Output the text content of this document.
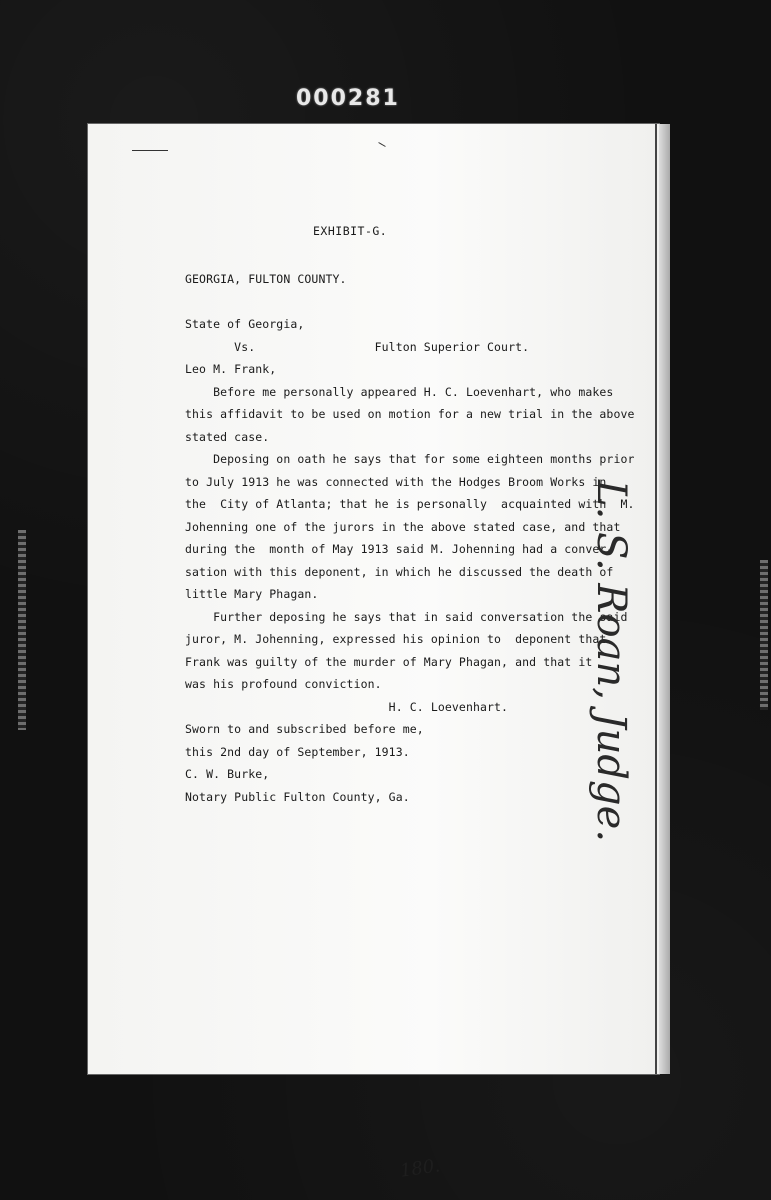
000281
EXHIBIT-G.
GEORGIA, FULTON COUNTY.
State of Georgia,
Vs.                 Fulton Superior Court.
Leo M. Frank,
Before me personally appeared H. C. Loevenhart, who makes
this affidavit to be used on motion for a new trial in the above
stated case.
Deposing on oath he says that for some eighteen months prior
to July 1913 he was connected with the Hodges Broom Works in
the  City of Atlanta; that he is personally  acquainted with  M.
Johenning one of the jurors in the above stated case, and that
during the  month of May 1913 said M. Johenning had a conver-
sation with this deponent, in which he discussed the death of
little Mary Phagan.
Further deposing he says that in said conversation the said
juror, M. Johenning, expressed his opinion to  deponent that
Frank was guilty of the murder of Mary Phagan, and that it
was his profound conviction.
H. C. Loevenhart.
Sworn to and subscribed before me,
this 2nd day of September, 1913.
C. W. Burke,
Notary Public Fulton County, Ga.
180.
L. S. Roan, Judge.
